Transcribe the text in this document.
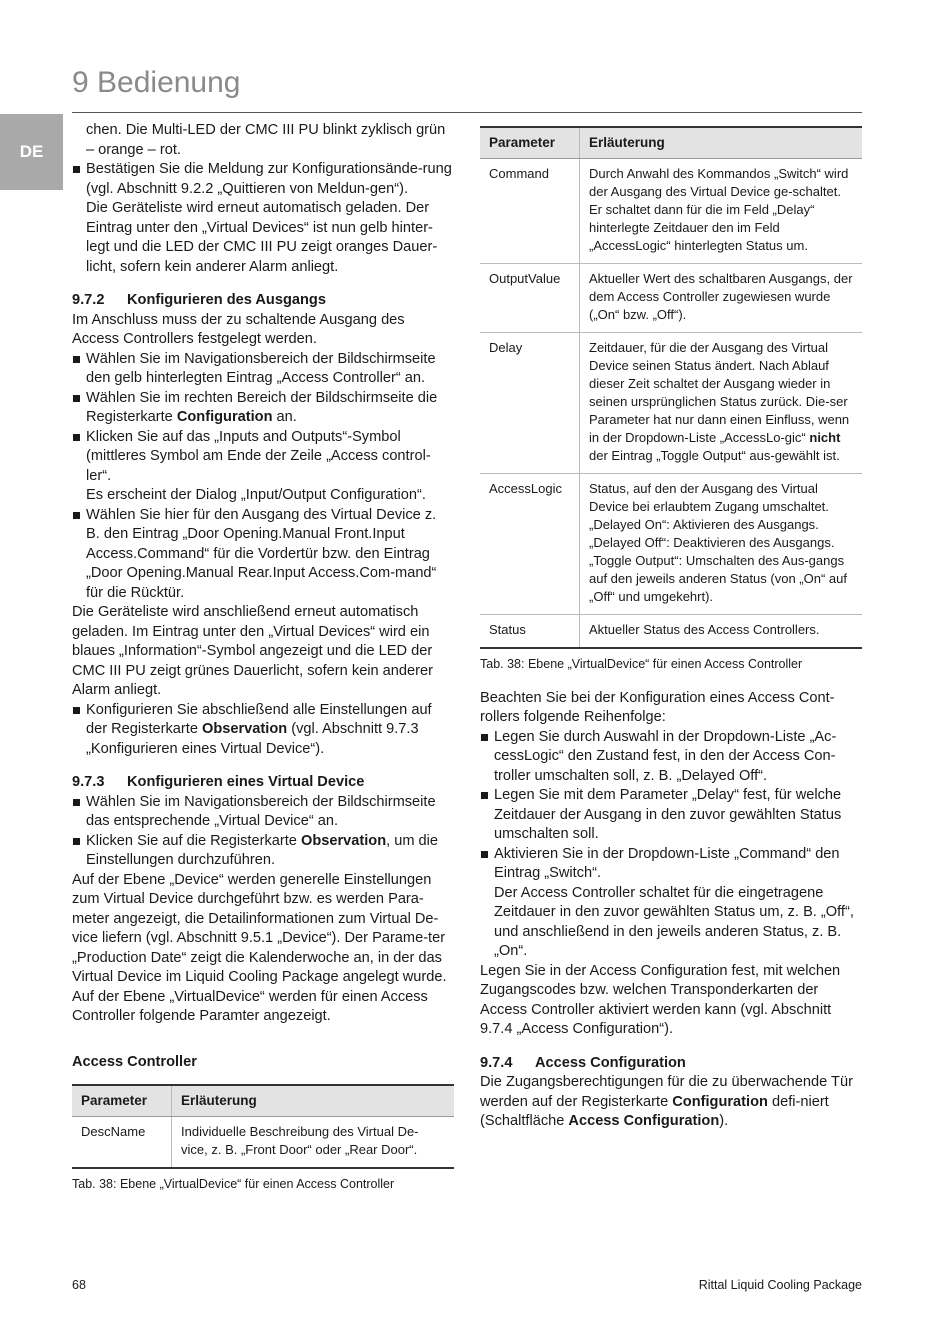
9 Bedienung
DE

chen. Die Multi-LED der CMC III PU blinkt zyklisch grün – orange – rot.

Bestätigen Sie die Meldung zur Konfigurationsände-rung (vgl. Abschnitt 9.2.2 „Quittieren von Meldun-gen“).

Die Geräteliste wird erneut automatisch geladen. Der Eintrag unter den „Virtual Devices“ ist nun gelb hinter-legt und die LED der CMC III PU zeigt oranges Dauer-licht, sofern kein anderer Alarm anliegt.

9.7.2 Konfigurieren des Ausgangs

Im Anschluss muss der zu schaltende Ausgang des Access Controllers festgelegt werden.

Wählen Sie im Navigationsbereich der Bildschirmseite den gelb hinterlegten Eintrag „Access Controller“ an.

Wählen Sie im rechten Bereich der Bildschirmseite die Registerkarte Configuration an.

Klicken Sie auf das „Inputs and Outputs“-Symbol (mittleres Symbol am Ende der Zeile „Access control-ler“.

Es erscheint der Dialog „Input/Output Configuration“.

Wählen Sie hier für den Ausgang des Virtual Device z. B. den Eintrag „Door Opening.Manual Front.Input Access.Command“ für die Vordertür bzw. den Eintrag „Door Opening.Manual Rear.Input Access.Com-mand“ für die Rücktür.

Die Geräteliste wird anschließend erneut automatisch geladen. Im Eintrag unter den „Virtual Devices“ wird ein blaues „Information“-Symbol angezeigt und die LED der CMC III PU zeigt grünes Dauerlicht, sofern kein anderer Alarm anliegt.

Konfigurieren Sie abschließend alle Einstellungen auf der Registerkarte Observation (vgl. Abschnitt 9.7.3 „Konfigurieren eines Virtual Device“).

9.7.3 Konfigurieren eines Virtual Device

Wählen Sie im Navigationsbereich der Bildschirmseite das entsprechende „Virtual Device“ an.

Klicken Sie auf die Registerkarte Observation, um die Einstellungen durchzuführen.

Auf der Ebene „Device“ werden generelle Einstellungen zum Virtual Device durchgeführt bzw. es werden Para-meter angezeigt, die Detailinformationen zum Virtual De-vice liefern (vgl. Abschnitt 9.5.1 „Device“). Der Parame-ter „Production Date“ zeigt die Kalenderwoche an, in der das Virtual Device im Liquid Cooling Package angelegt wurde.

Auf der Ebene „VirtualDevice“ werden für einen Access Controller folgende Paramter angezeigt.

Access Controller

Parameter	Erläuterung
DescName	Individuelle Beschreibung des Virtual De-vice, z. B. „Front Door“ oder „Rear Door“.

Tab. 38: Ebene „VirtualDevice“ für einen Access Controller

Parameter	Erläuterung
Command	Durch Anwahl des Kommandos „Switch“ wird der Ausgang des Virtual Device ge-schaltet. Er schaltet dann für die im Feld „Delay“ hinterlegte Zeitdauer den im Feld „AccessLogic“ hinterlegten Status um.
OutputValue	Aktueller Wert des schaltbaren Ausgangs, der dem Access Controller zugewiesen wurde („On“ bzw. „Off“).
Delay	Zeitdauer, für die der Ausgang des Virtual Device seinen Status ändert. Nach Ablauf dieser Zeit schaltet der Ausgang wieder in seinen ursprünglichen Status zurück. Die-ser Parameter hat nur dann einen Einfluss, wenn in der Dropdown-Liste „AccessLo-gic“ nicht der Eintrag „Toggle Output“ aus-gewählt ist.
AccessLogic	Status, auf den der Ausgang des Virtual Device bei erlaubtem Zugang umschaltet. „Delayed On“: Aktivieren des Ausgangs. „Delayed Off“: Deaktivieren des Ausgangs. „Toggle Output“: Umschalten des Aus-gangs auf den jeweils anderen Status (von „On“ auf „Off“ und umgekehrt).
Status	Aktueller Status des Access Controllers.

Tab. 38: Ebene „VirtualDevice“ für einen Access Controller

Beachten Sie bei der Konfiguration eines Access Cont-rollers folgende Reihenfolge:

Legen Sie durch Auswahl in der Dropdown-Liste „Ac-cessLogic“ den Zustand fest, in den der Access Con-troller umschalten soll, z. B. „Delayed Off“.

Legen Sie mit dem Parameter „Delay“ fest, für welche Zeitdauer der Ausgang in den zuvor gewählten Status umschalten soll.

Aktivieren Sie in der Dropdown-Liste „Command“ den Eintrag „Switch“.

Der Access Controller schaltet für die eingetragene Zeitdauer in den zuvor gewählten Status um, z. B. „Off“, und anschließend in den jeweils anderen Status, z. B. „On“.

Legen Sie in der Access Configuration fest, mit welchen Zugangscodes bzw. welchen Transponderkarten der Access Controller aktiviert werden kann (vgl. Abschnitt 9.7.4 „Access Configuration“).

9.7.4 Access Configuration

Die Zugangsberechtigungen für die zu überwachende Tür werden auf der Registerkarte Configuration defi-niert (Schaltfläche Access Configuration).

68	Rittal Liquid Cooling Package
